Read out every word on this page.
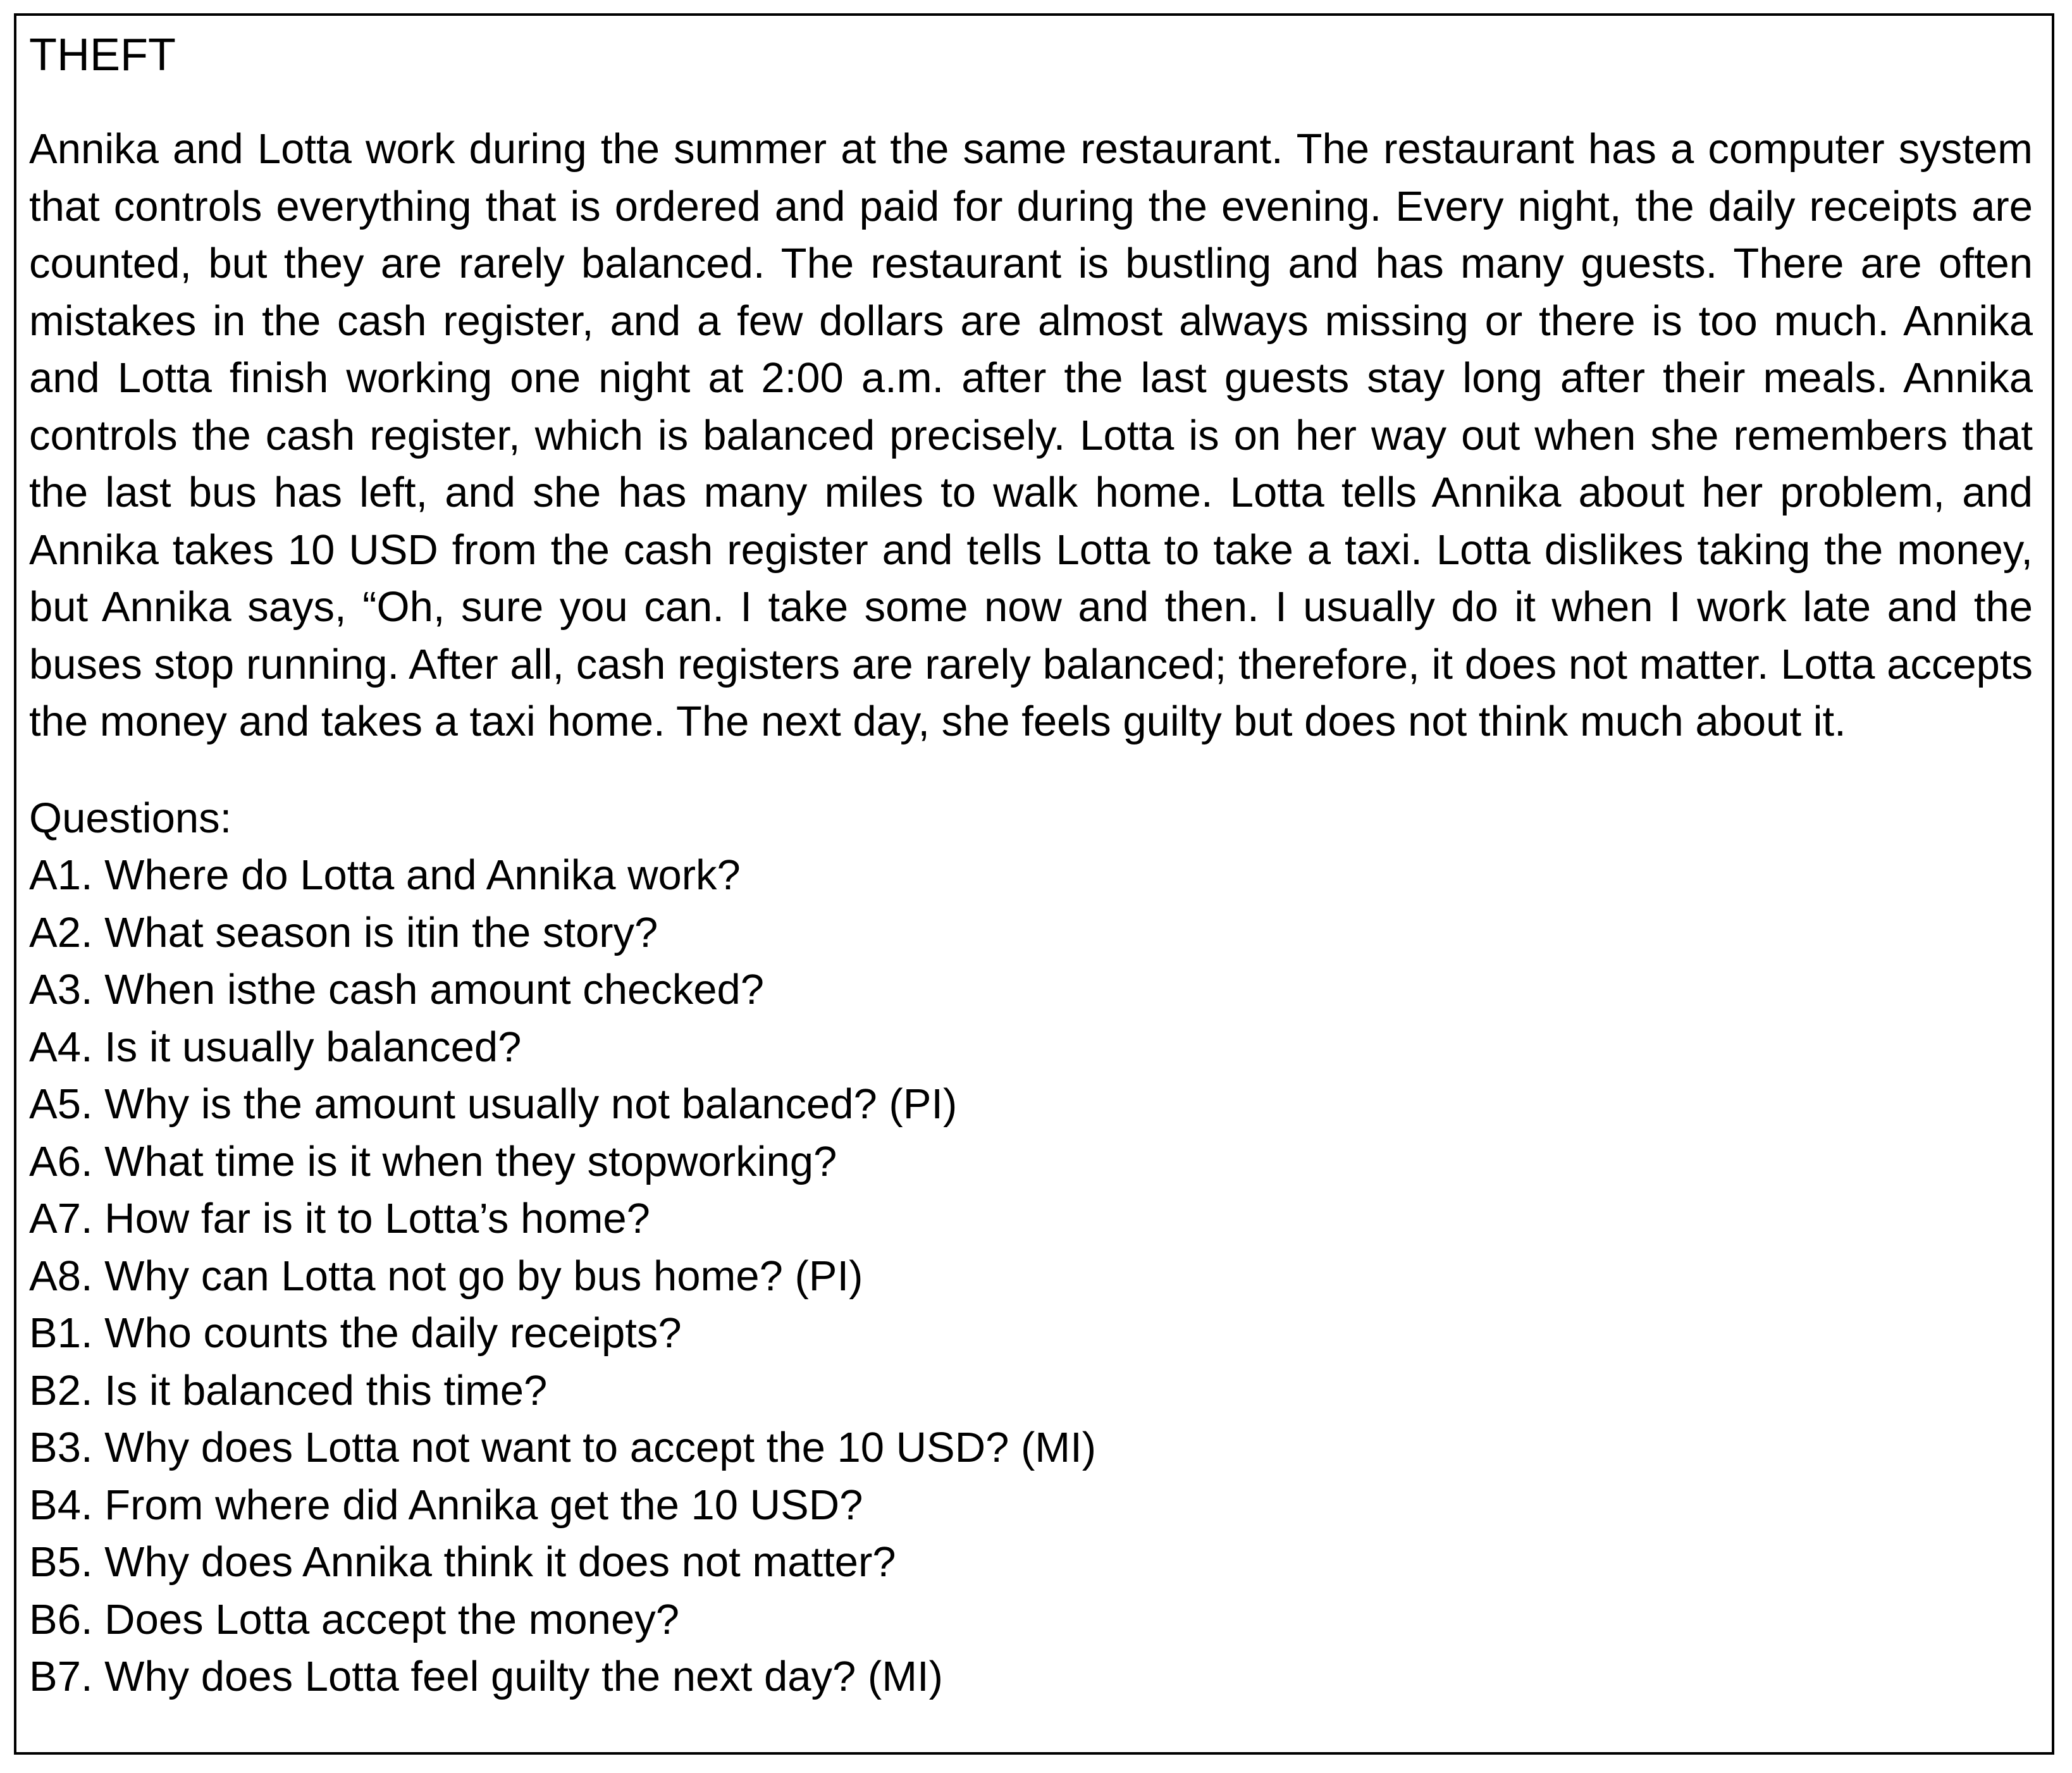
THEFT

Annika and Lotta work during the summer at the same restaurant. The restaurant has a computer system that controls everything that is ordered and paid for during the evening. Every night, the daily receipts are counted, but they are rarely balanced. The restaurant is bustling and has many guests. There are often mistakes in the cash register, and a few dollars are almost always missing or there is too much. Annika and Lotta finish working one night at 2:00 a.m. after the last guests stay long after their meals. Annika controls the cash register, which is balanced precisely. Lotta is on her way out when she remembers that the last bus has left, and she has many miles to walk home. Lotta tells Annika about her problem, and Annika takes 10 USD from the cash register and tells Lotta to take a taxi. Lotta dislikes taking the money, but Annika says, “Oh, sure you can. I take some now and then. I usually do it when I work late and the buses stop running. After all, cash registers are rarely balanced; therefore, it does not matter. Lotta accepts the money and takes a taxi home. The next day, she feels guilty but does not think much about it.

Questions:
A1. Where do Lotta and Annika work?
A2. What season is itin the story?
A3. When isthe cash amount checked?
A4. Is it usually balanced?
A5. Why is the amount usually not balanced? (PI)
A6. What time is it when they stopworking?
A7. How far is it to Lotta’s home?
A8. Why can Lotta not go by bus home? (PI)
B1. Who counts the daily receipts?
B2. Is it balanced this time?
B3. Why does Lotta not want to accept the 10 USD? (MI)
B4. From where did Annika get the 10 USD?
B5. Why does Annika think it does not matter?
B6. Does Lotta accept the money?
B7. Why does Lotta feel guilty the next day? (MI)
